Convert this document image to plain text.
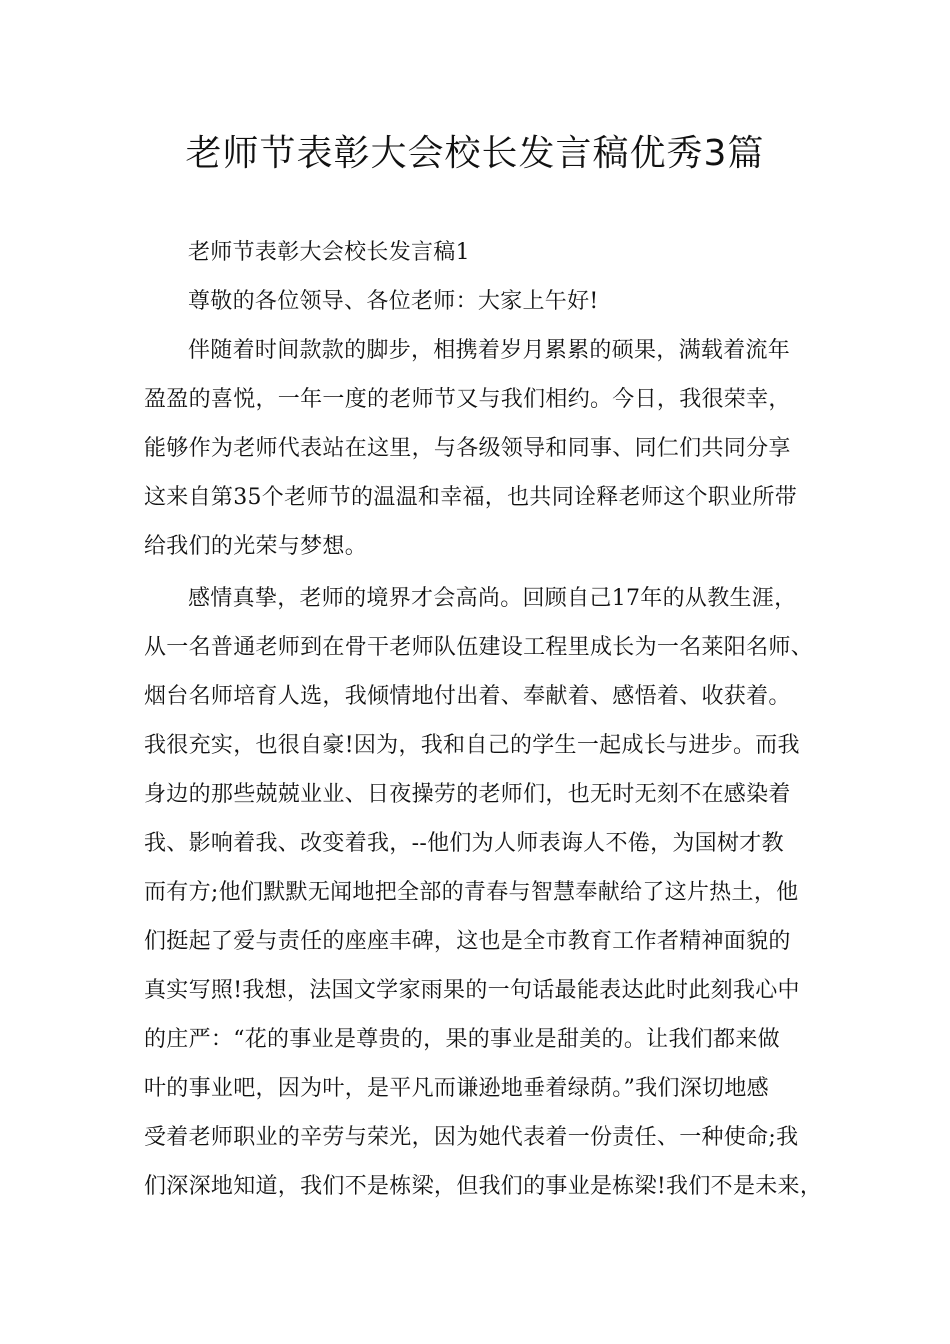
老师节表彰大会校长发言稿优秀3篇
老师节表彰大会校长发言稿1
尊敬的各位领导、各位老师：大家上午好!
伴随着时间款款的脚步，相携着岁月累累的硕果，满载着流年
盈盈的喜悦，一年一度的老师节又与我们相约。今日，我很荣幸，
能够作为老师代表站在这里，与各级领导和同事、同仁们共同分享
这来自第35个老师节的温温和幸福，也共同诠释老师这个职业所带
给我们的光荣与梦想。
感情真挚，老师的境界才会高尚。回顾自己17年的从教生涯，
从一名普通老师到在骨干老师队伍建设工程里成长为一名莱阳名师、
烟台名师培育人选，我倾情地付出着、奉献着、感悟着、收获着。
我很充实，也很自豪!因为，我和自己的学生一起成长与进步。而我
身边的那些兢兢业业、日夜操劳的老师们，也无时无刻不在感染着
我、影响着我、改变着我，--他们为人师表诲人不倦，为国树才教
而有方;他们默默无闻地把全部的青春与智慧奉献给了这片热土，他
们挺起了爱与责任的座座丰碑，这也是全市教育工作者精神面貌的
真实写照!我想，法国文学家雨果的一句话最能表达此时此刻我心中
的庄严：“花的事业是尊贵的，果的事业是甜美的。让我们都来做
叶的事业吧，因为叶，是平凡而谦逊地垂着绿荫。”我们深切地感
受着老师职业的辛劳与荣光，因为她代表着一份责任、一种使命;我
们深深地知道，我们不是栋梁，但我们的事业是栋梁!我们不是未来，
